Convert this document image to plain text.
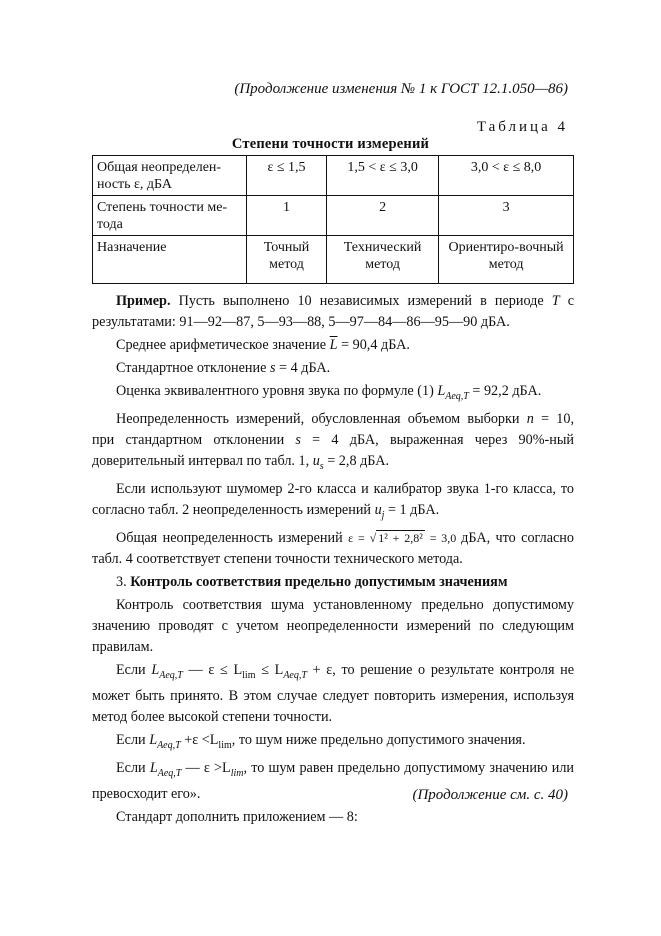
(Продолжение изменения № 1 к ГОСТ 12.1.050—86)
Таблица 4
Степени точности измерений
Общая неопределен-ность ε, дБА	ε ≤ 1,5	1,5 < ε ≤ 3,0	3,0 < ε ≤ 8,0
Степень точности ме-тода	1	2	3
Назначение	Точный метод	Технический метод	Ориентиро-вочный метод

Пример. Пусть выполнено 10 независимых измерений в периоде T с результатами: 91—92—87, 5—93—88, 5—97—84—86—95—90 дБА.

Среднее арифметическое значение $\overline{L} = 90,4$ дБА.

Стандартное отклонение s = 4 дБА.

Оценка эквивалентного уровня звука по формуле (1) $L_{Aeq,T} = 92,2$ дБА.

Неопределенность измерений, обусловленная объемом выборки n = 10, при стандартном отклонении s = 4 дБА, выраженная через 90%-ный доверительный интервал по табл. 1, $u_s = 2,8$ дБА.

Если используют шумомер 2-го класса и калибратор звука 1-го класса, то согласно табл. 2 неопределенность измерений $u_j = 1$ дБА.

Общая неопределенность измерений ε = √ 1² + 2,8² = 3,0 дБА, что согласно табл. 4 соответствует степени точности технического метода.

3. Контроль соответствия предельно допустимым значениям

Контроль соответствия шума установленному предельно допустимому значению проводят с учетом неопределенности измерений по следующим правилам.

Если $L_{Aeq,T}$ — $\varepsilon \le L_{lim} \le L_{Aeq,T} + \varepsilon$, то решение о результате контроля не может быть принято. В этом случае следует повторить измерения, используя метод более высокой степени точности.

Если $L_{Aeq,T} +\varepsilon <L_{lim}$, то шум ниже предельно допустимого значения.

Если $L_{Aeq,T}$ — $\varepsilon >L_{lim}$, то шум равен предельно допустимому значению или превосходит его».

Стандарт дополнить приложением — 8:

(Продолжение см. с. 40)
